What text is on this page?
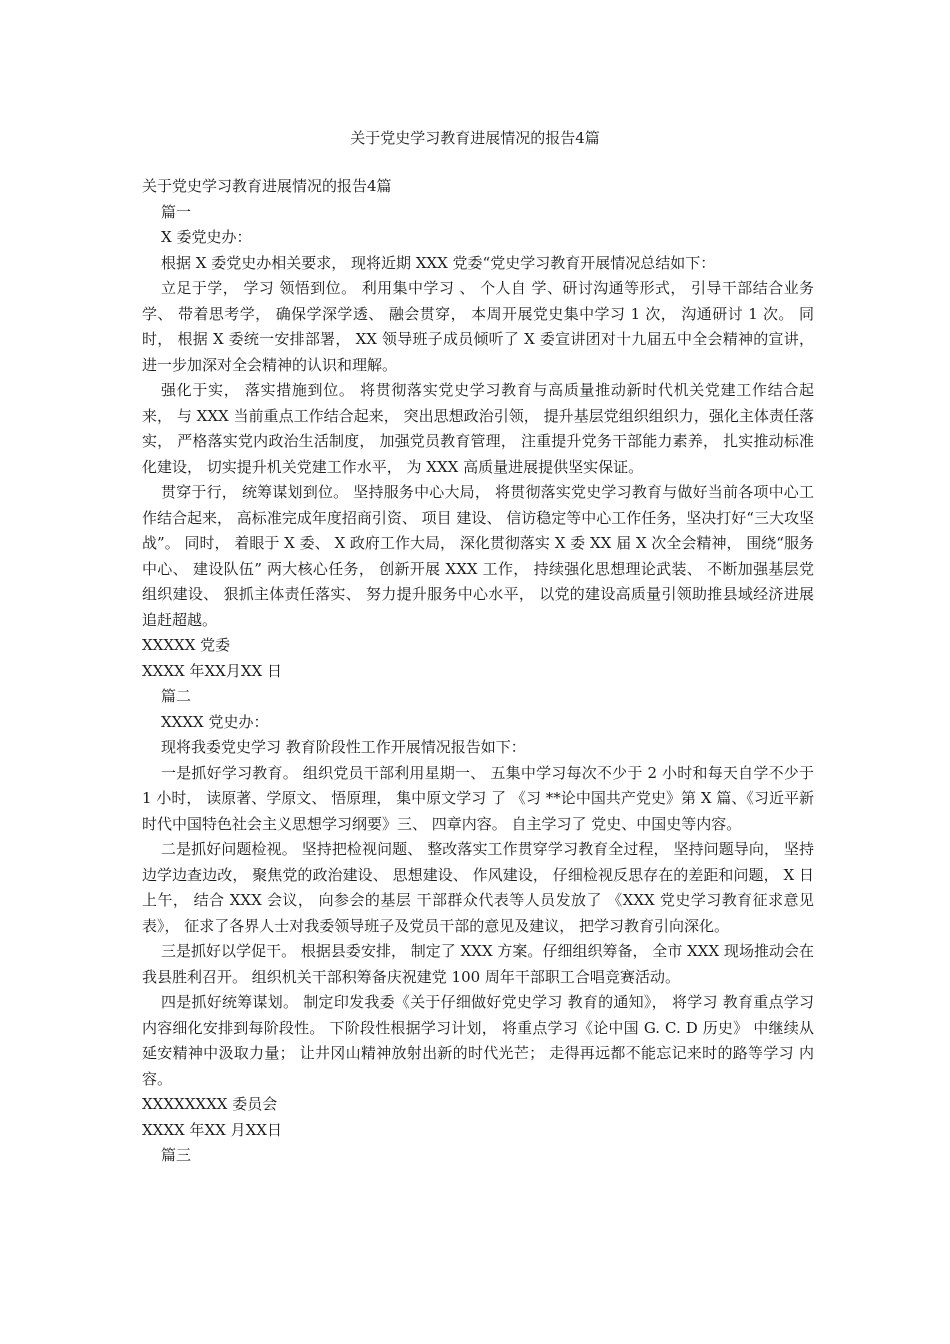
关于党史学习教育进展情况的报告4篇

关于党史学习教育进展情况的报告4篇

篇一

X 委党史办：

根据 X 委党史办相关要求， 现将近期 XXX 党委“党史学习教育开展情况总结如下：

立足于学， 学习 领悟到位。 利用集中学习 、 个人自 学、研讨沟通等形式， 引导干部结合业务学、 带着思考学， 确保学深学透、 融会贯穿， 本周开展党史集中学习 1 次， 沟通研讨 1 次。 同时， 根据 X 委统一安排部署， XX 领导班子成员倾听了 X 委宣讲团对十九届五中全会精神的宣讲， 进一步加深对全会精神的认识和理解。

强化于实， 落实措施到位。 将贯彻落实党史学习教育与高质量推动新时代机关党建工作结合起来， 与 XXX 当前重点工作结合起来， 突出思想政治引领， 提升基层党组织组织力，强化主体责任落实， 严格落实党内政治生活制度， 加强党员教育管理， 注重提升党务干部能力素养， 扎实推动标准化建设， 切实提升机关党建工作水平， 为 XXX 高质量进展提供坚实保证。

贯穿于行， 统筹谋划到位。 坚持服务中心大局， 将贯彻落实党史学习教育与做好当前各项中心工作结合起来， 高标准完成年度招商引资、 项目 建设、 信访稳定等中心工作任务，坚决打好“三大攻坚战”。 同时， 着眼于 X 委、 X 政府工作大局， 深化贯彻落实 X 委 XX 届 X 次全会精神， 围绕“服务中心、 建设队伍” 两大核心任务， 创新开展 XXX 工作， 持续强化思想理论武装、 不断加强基层党组织建设、 狠抓主体责任落实、 努力提升服务中心水平， 以党的建设高质量引领助推县域经济进展追赶超越。

XXXXX 党委

XXXX 年XX月XX 日

篇二

XXXX 党史办：

现将我委党史学习 教育阶段性工作开展情况报告如下：

一是抓好学习教育。 组织党员干部利用星期一、 五集中学习每次不少于 2 小时和每天自学不少于 1 小时， 读原著、学原文、 悟原理， 集中原文学习 了 《习 **论中国共产党史》第 X 篇、《习近平新时代中国特色社会主义思想学习纲要》三、 四章内容。 自主学习了 党史、中国史等内容。

二是抓好问题检视。 坚持把检视问题、 整改落实工作贯穿学习教育全过程， 坚持问题导向， 坚持边学边查边改， 聚焦党的政治建设、 思想建设、 作风建设， 仔细检视反思存在的差距和问题， X 日上午， 结合 XXX 会议， 向参会的基层 干部群众代表等人员发放了 《XXX 党史学习教育征求意见表》， 征求了各界人士对我委领导班子及党员干部的意见及建议， 把学习教育引向深化。

三是抓好以学促干。 根据县委安排， 制定了 XXX 方案。仔细组织筹备， 全市 XXX 现场推动会在我县胜利召开。 组织机关干部积筹备庆祝建党 100 周年干部职工合唱竞赛活动。

四是抓好统筹谋划。 制定印发我委《关于仔细做好党史学习 教育的通知》， 将学习 教育重点学习 内容细化安排到每阶段性。 下阶段性根据学习计划， 将重点学习《论中国 G. C. D 历史》 中继续从延安精神中汲取力量； 让井冈山精神放射出新的时代光芒； 走得再远都不能忘记来时的路等学习 内容。

XXXXXXXX 委员会

XXXX 年XX 月XX日

篇三
